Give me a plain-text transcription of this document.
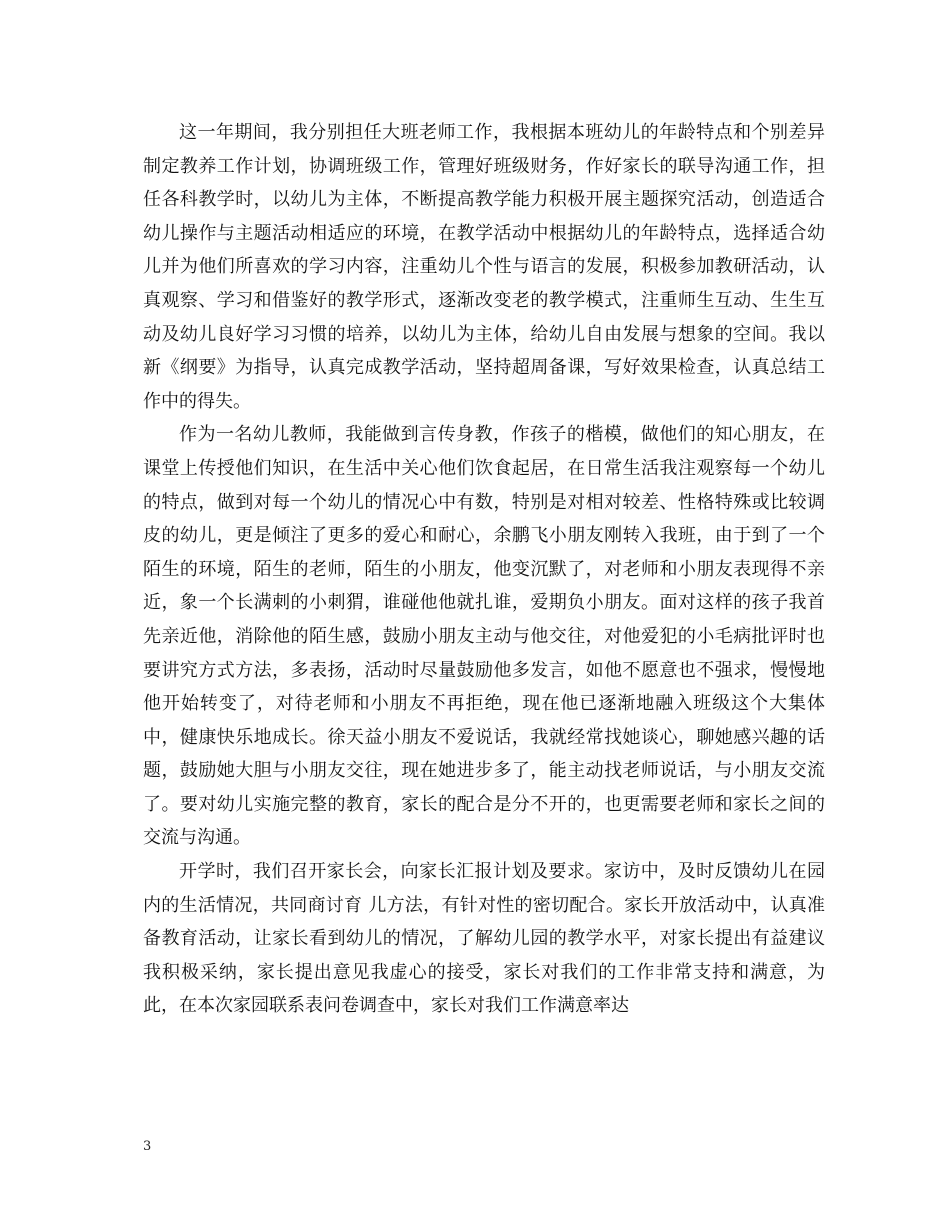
这一年期间，我分别担任大班老师工作，我根据本班幼儿的年龄特点和个别差异制定教养工作计划，协调班级工作，管理好班级财务，作好家长的联导沟通工作，担任各科教学时，以幼儿为主体，不断提高教学能力积极开展主题探究活动，创造适合幼儿操作与主题活动相适应的环境，在教学活动中根据幼儿的年龄特点，选择适合幼儿并为他们所喜欢的学习内容，注重幼儿个性与语言的发展，积极参加教研活动，认真观察、学习和借鉴好的教学形式，逐渐改变老的教学模式，注重师生互动、生生互动及幼儿良好学习习惯的培养，以幼儿为主体，给幼儿自由发展与想象的空间。我以新《纲要》为指导，认真完成教学活动，坚持超周备课，写好效果检查，认真总结工作中的得失。

作为一名幼儿教师，我能做到言传身教，作孩子的楷模，做他们的知心朋友，在课堂上传授他们知识，在生活中关心他们饮食起居，在日常生活我注观察每一个幼儿的特点，做到对每一个幼儿的情况心中有数，特别是对相对较差、性格特殊或比较调皮的幼儿，更是倾注了更多的爱心和耐心，余鹏飞小朋友刚转入我班，由于到了一个陌生的环境，陌生的老师，陌生的小朋友，他变沉默了，对老师和小朋友表现得不亲近，象一个长满刺的小刺猬，谁碰他他就扎谁，爱期负小朋友。面对这样的孩子我首先亲近他，消除他的陌生感，鼓励小朋友主动与他交往，对他爱犯的小毛病批评时也要讲究方式方法，多表扬，活动时尽量鼓励他多发言，如他不愿意也不强求，慢慢地他开始转变了，对待老师和小朋友不再拒绝，现在他已逐渐地融入班级这个大集体中，健康快乐地成长。徐天益小朋友不爱说话，我就经常找她谈心，聊她感兴趣的话题，鼓励她大胆与小朋友交往，现在她进步多了，能主动找老师说话，与小朋友交流了。要对幼儿实施完整的教育，家长的配合是分不开的，也更需要老师和家长之间的交流与沟通。

开学时，我们召开家长会，向家长汇报计划及要求。家访中，及时反馈幼儿在园内的生活情况，共同商讨育 儿方法，有针对性的密切配合。家长开放活动中，认真准备教育活动，让家长看到幼儿的情况，了解幼儿园的教学水平，对家长提出有益建议我积极采纳，家长提出意见我虚心的接受，家长对我们的工作非常支持和满意，为此，在本次家园联系表问卷调查中，家长对我们工作满意率达

3
